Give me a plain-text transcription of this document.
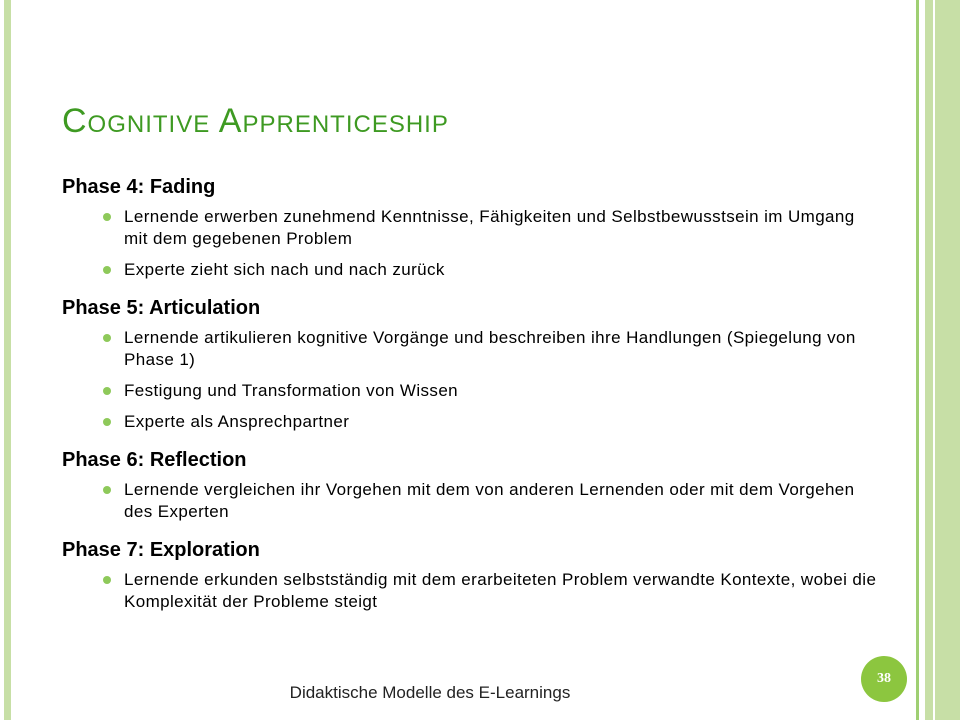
Cognitive Apprenticeship
Phase 4: Fading
Lernende erwerben zunehmend Kenntnisse, Fähigkeiten und Selbstbewusstsein im Umgang mit dem gegebenen Problem
Experte zieht sich nach und nach zurück
Phase 5: Articulation
Lernende artikulieren kognitive Vorgänge und beschreiben ihre Handlungen (Spiegelung von Phase 1)
Festigung und Transformation von Wissen
Experte als Ansprechpartner
Phase 6: Reflection
Lernende vergleichen ihr Vorgehen mit dem von anderen Lernenden oder mit dem Vorgehen des Experten
Phase 7: Exploration
Lernende erkunden selbstständig mit dem erarbeiteten Problem verwandte Kontexte, wobei die Komplexität der Probleme steigt
Didaktische Modelle des E-Learnings
38
